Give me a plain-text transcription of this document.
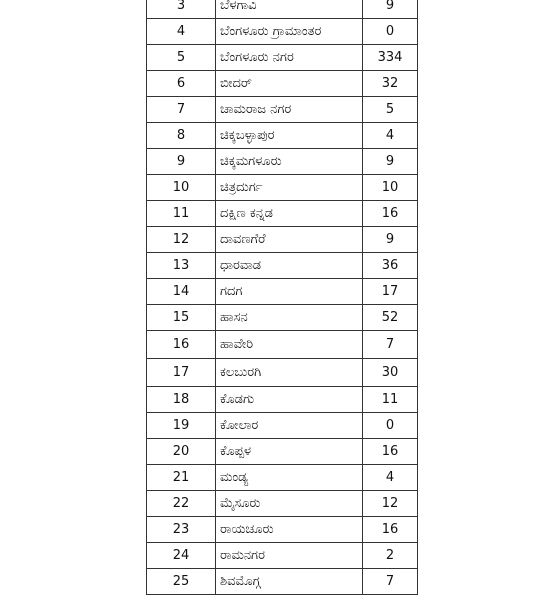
3	ಬೆಳಗಾವಿ	9
4	ಬೆಂಗಳೂರು ಗ್ರಾಮಾಂತರ	0
5	ಬೆಂಗಳೂರು ನಗರ	334
6	ಬೀದರ್	32
7	ಚಾಮರಾಜ ನಗರ	5
8	ಚಿಕ್ಕಬಳ್ಳಾಪುರ	4
9	ಚಿಕ್ಕಮಗಳೂರು	9
10	ಚಿತ್ರದುರ್ಗ	10
11	ದಕ್ಷಿಣ ಕನ್ನಡ	16
12	ದಾವಣಗೆರೆ	9
13	ಧಾರವಾಡ	36
14	ಗದಗ	17
15	ಹಾಸನ	52
16	ಹಾವೇರಿ	7
17	ಕಲಬುರಗಿ	30
18	ಕೊಡಗು	11
19	ಕೋಲಾರ	0
20	ಕೊಪ್ಪಳ	16
21	ಮಂಡ್ಯ	4
22	ಮೈಸೂರು	12
23	ರಾಯಚೂರು	16
24	ರಾಮನಗರ	2
25	ಶಿವಮೊಗ್ಗ	7
